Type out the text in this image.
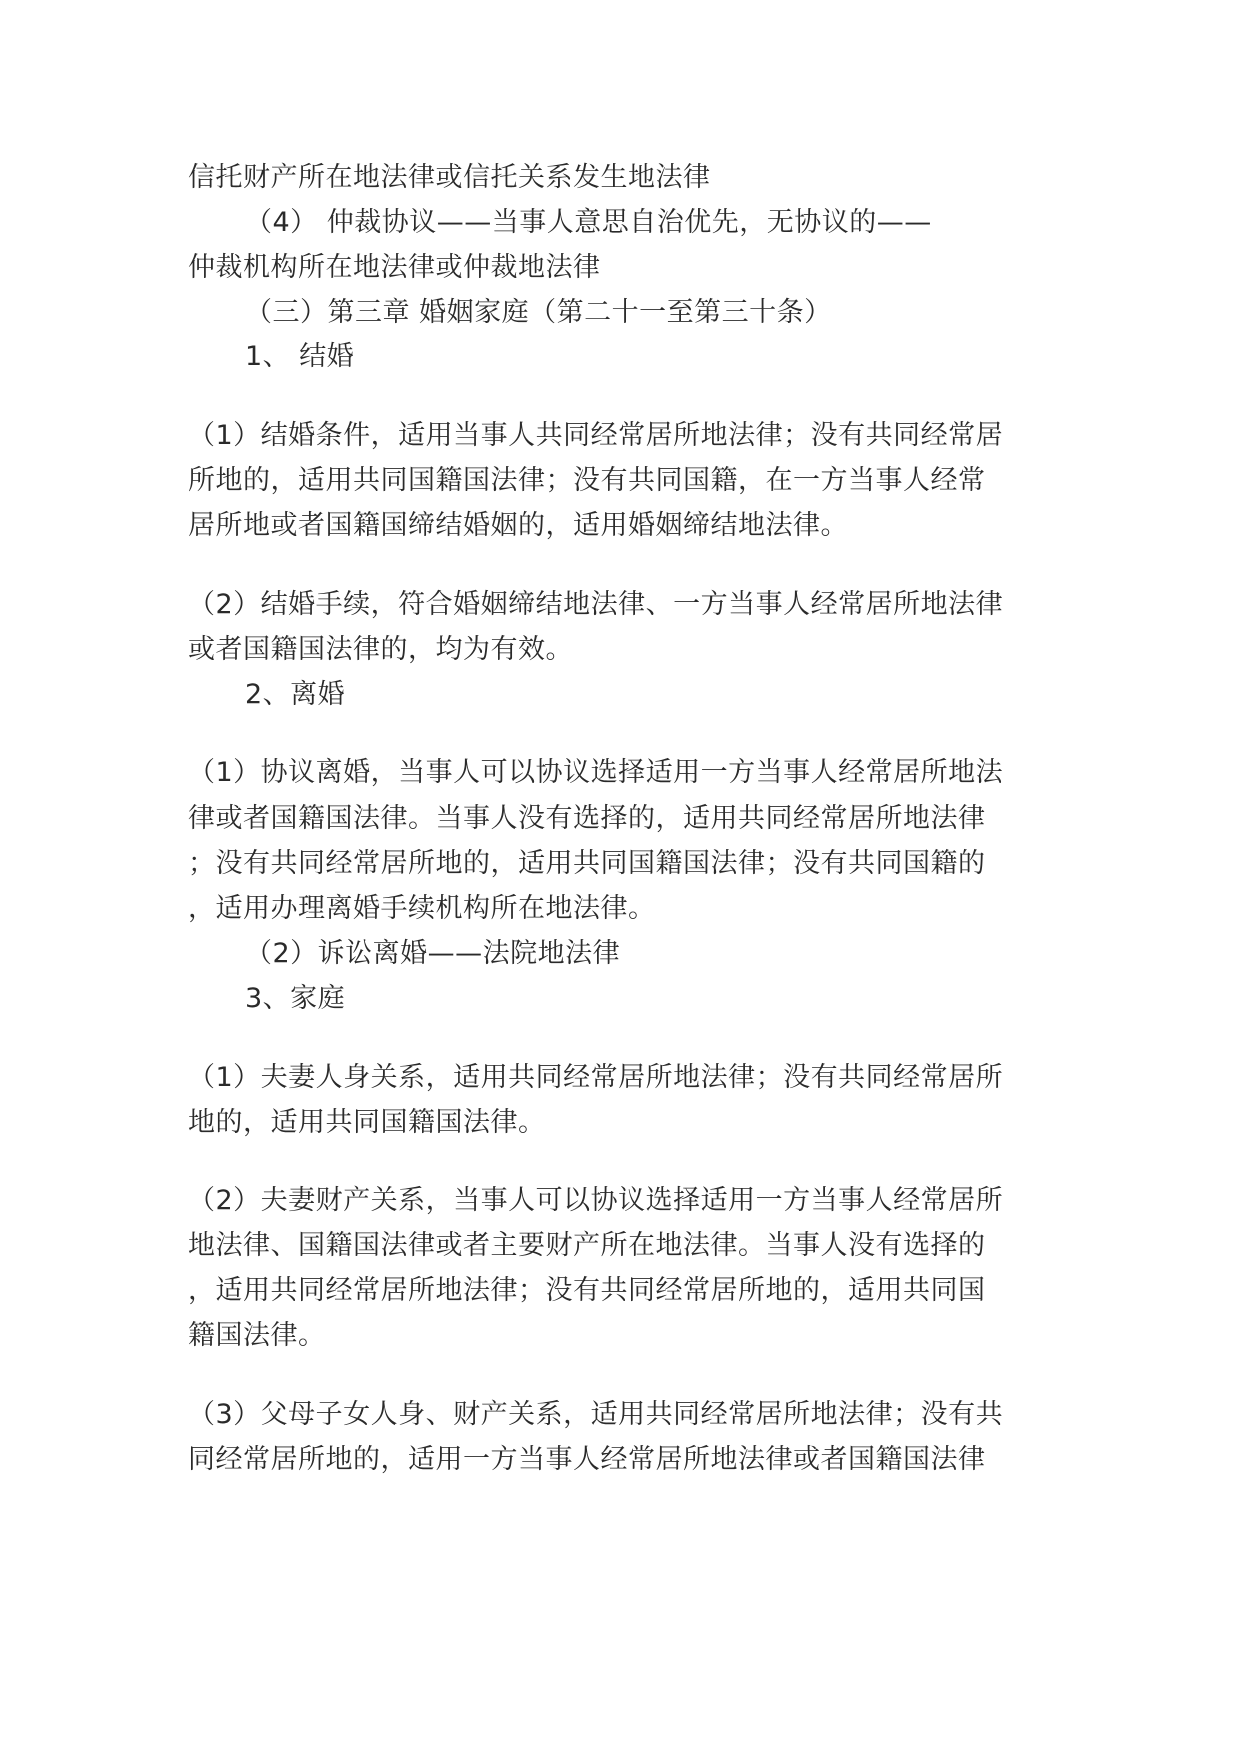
信托财产所在地法律或信托关系发生地法律
（4） 仲裁协议——当事人意思自治优先，无协议的——
仲裁机构所在地法律或仲裁地法律
（三）第三章 婚姻家庭（第二十一至第三十条）
1、 结婚
（1）结婚条件，适用当事人共同经常居所地法律；没有共同经常居
所地的，适用共同国籍国法律；没有共同国籍，在一方当事人经常
居所地或者国籍国缔结婚姻的，适用婚姻缔结地法律。
（2）结婚手续，符合婚姻缔结地法律、一方当事人经常居所地法律
或者国籍国法律的，均为有效。
2、离婚
（1）协议离婚，当事人可以协议选择适用一方当事人经常居所地法
律或者国籍国法律。当事人没有选择的，适用共同经常居所地法律
；没有共同经常居所地的，适用共同国籍国法律；没有共同国籍的
，适用办理离婚手续机构所在地法律。
（2）诉讼离婚——法院地法律
3、家庭
（1）夫妻人身关系，适用共同经常居所地法律；没有共同经常居所
地的，适用共同国籍国法律。
（2）夫妻财产关系，当事人可以协议选择适用一方当事人经常居所
地法律、国籍国法律或者主要财产所在地法律。当事人没有选择的
，适用共同经常居所地法律；没有共同经常居所地的，适用共同国
籍国法律。
（3）父母子女人身、财产关系，适用共同经常居所地法律；没有共
同经常居所地的，适用一方当事人经常居所地法律或者国籍国法律
